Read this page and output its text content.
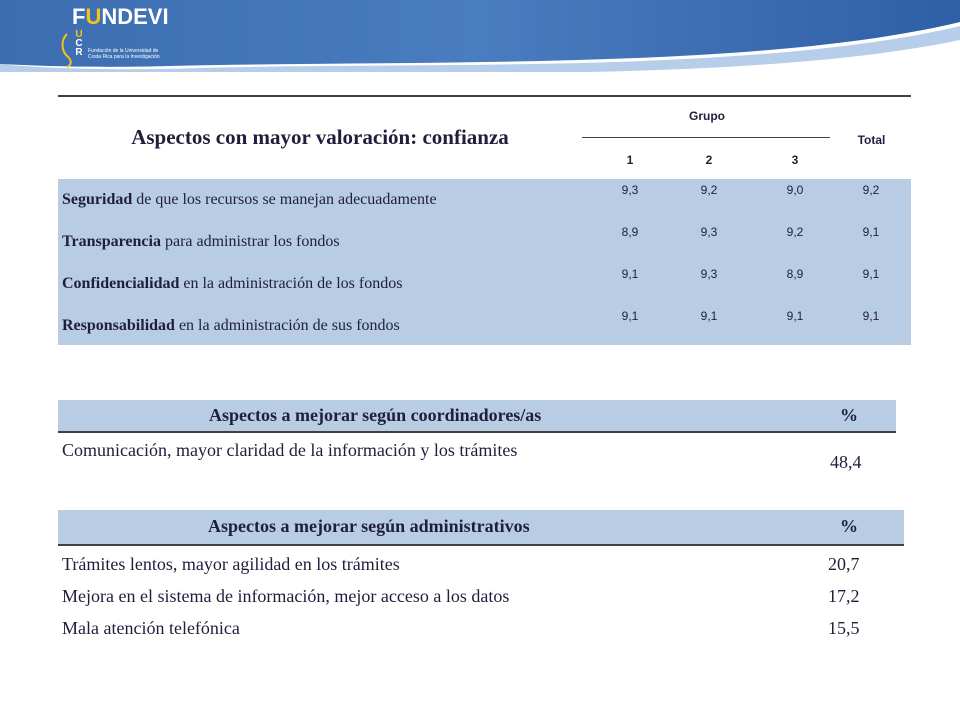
FUNDEVI
U
C
R Fundación de la Universidad de Costa Rica para la Investigación
Aspectos con mayor valoración: confianza
Grupo
Total
1	2	3
Seguridad de que los recursos se manejan adecuadamente
9,3	9,2	9,0	9,2
Transparencia para administrar los fondos
8,9	9,3	9,2	9,1
Confidencialidad en la administración de los fondos
9,1	9,3	8,9	9,1
Responsabilidad en la administración de sus fondos
9,1	9,1	9,1	9,1
Aspectos a mejorar según coordinadores/as	%
Comunicación, mayor claridad de la información y los trámites
48,4
Aspectos a mejorar según administrativos	%
Trámites lentos, mayor agilidad en los trámites	20,7
Mejora en el sistema de información, mejor acceso a los datos	17,2
Mala atención telefónica	15,5
